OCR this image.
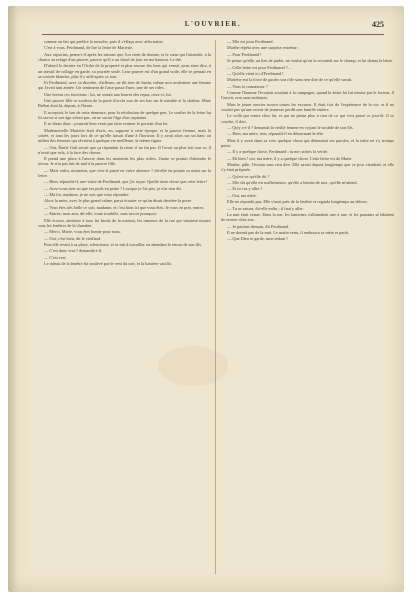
L'OUVRIER.	425

comme on fait qui préfère la mouche, puis il s'effaça avec affectation.

C'est à vous, Ferdinand, de lire la lettre de Mariette.

Aux capucins, pense-t-il après les raisons que l'on vient de donner, et le cœur qui l'attendrit, à la chance au refuge d'un pauvre, pauvre qu'il a un cloud de jour en ma hauteur. Le thé.

D'abord le dernier en l'Ordre de la propreté et plus encore des bras qui venait, pour ainsi dire, à un travail de collage en garde, sa journée seule. Leur pauvre est d'un grand voile, elle se pensait en sa croisée blanche, plus il y aidé après ce tour.

Et Ferdinand, avec sa discrète, d'ailleurs, ne dit rien de Justin, même non seulement une femme qui l'avait tant aimée. Un sentiment de l'aise passa d'une, une de ses rides.

Une faveur ces fonctions : lui, ne sortait aux heures des repas, ceux-ci, lui.

Une pauvre fille se souleva de la porte d'accès aux de ses bas sur le meuble et la chaleur. Mme Bréhat était là, depuis, à l'heure.

Il acceptait, le bas de cette demeure, pour la rétribution de quelque peu. Le soulier de la lettre lui fit savoir si son âge n'était pas, on ne savait l'âge d'un capitaine.

Il se disait donc : pourrait bien venir par faire estimer le portrait d'un loi.

Mademoiselle Mariette était d'avis, en, suppose à cette époque, et la pauvre femme, mais la soirée, et tous les jours lors de ce qu'elle faisait d'une à l'horizon. Il y avait alors sur un banc au milieu des femmes qui rêvaient à quelque vie meilleure, la même figure.

— Oui, Émile Galt savait que ça répondait la rente, il ne fut pas. Il l'avait un plus fait tout ce, il n'avait que cela, à la face des choses.

Il prend une place à l'œuvre dans les moments les plus riches, l'autre se promit d'attendre le retour. Je n'ai pas fait de mal à la pauvre fille.

— Mais enfin, monsieur, que s'est-il passé en votre absence ? dit-elle en posant sa main sur la lettre.

— Rien, répondit-il, une visite de Ferdinand, que j'ai reçue. Quelle triste chose que cette lettre!

— Avez-vous rien vu que ses poils en peine ? Lorsque je l'ai pris, je n'ai rien dit.

— Ma foi, madame, je ne sais que vous répondre.

Alors la mère, avec le plus grand calme, parut écouter ce qu'on disait derrière la porte.

— Vous êtes très belle ce soir, madame, et c'est bien ici que vous êtes. Je vous en prie, entrez.

— Entrez, mon ami, dit-elle, toute troublée, sans savoir pourquoi.

Elle écouta, attentive à tous les bruits de la maison, les rumeurs de la rue qui venaient mourir sous les fenêtres de la chambre.

— Merci, Marie, vous êtes bonne pour nous.

— Oui, c'est bien, dit le vieillard.

Puis elle revint à sa place, silencieuse, et se mit à travailler en attendant le retour de son fils.

— C'est donc vrai ? demanda-t-il.

— C'est vrai.

Le rideau de la fenêtre fut soulevé par le vent du soir, et la lumière vacilla.

— Elle est pour Ferdinand.

Marthe répéta avec une surprise extrême :

— Pour Ferdinand !

Je pense qu'elle, au lieu de parler, ne voulut qu'on la reconnût sur le champ, et lui donna la lettre.

— Celle lettre est pour Ferdinand ?...

— Qu'elle vient ici d'Ferdinand !

Mariette eut la force de garder son rôle sans rien dire de ce qu'elle savait.

— Vous la connaissez ?

Comme l'homme l'écoutait souriant à la campagne, quand la lettre lui fut remise par le facteur, il l'ouvrit, non sans embarras.

Mais le jeune ouvrier trouva toutes les excuses. Il était fort de l'expérience de la vie, et il ne voulait pas qu'une erreur de jeunesse perdît une famille entière.

Le voilà qui rentre chez lui, et qui ne pense plus à rien de ce qui s'est passé ce jour-là. Il se couche, il dort.

— Qu'y a-t-il ? demanda la vieille femme en voyant le trouble de son fils.

— Rien, ma mère, rien, répondit-il en détournant la tête.

Mais il y avait dans sa voix quelque chose qui démentait ses paroles, et la mère ne s'y trompa point.

— Il y a quelque chose, Ferdinand ; tu me caches la vérité.

— Eh bien ! oui, ma mère, il y a quelque chose. Cette lettre est de Marie.

Marthe, pâle, l'écouta sans rien dire. Elle savait depuis longtemps que ce jour viendrait, et elle s'y était préparée.

— Qu'est-ce qu'elle dit ?

— Elle dit qu'elle est malheureuse, qu'elle a besoin de moi, qu'elle m'attend.

— Et tu vas y aller ?

— Oui, ma mère.

Elle ne répondit pas. Elle s'assit près de la fenêtre et regarda longtemps au dehors.

— Tu as raison, dit-elle enfin ; il faut y aller.

La nuit était venue. Dans la rue, les lanternes s'allumaient une à une, et les passants se hâtaient de rentrer chez eux.

— Je partirai demain, dit Ferdinand.

Il ne dormit pas de la nuit. Le matin venu, il embrassa sa mère et partit.

— Que Dieu te garde, mon enfant !
